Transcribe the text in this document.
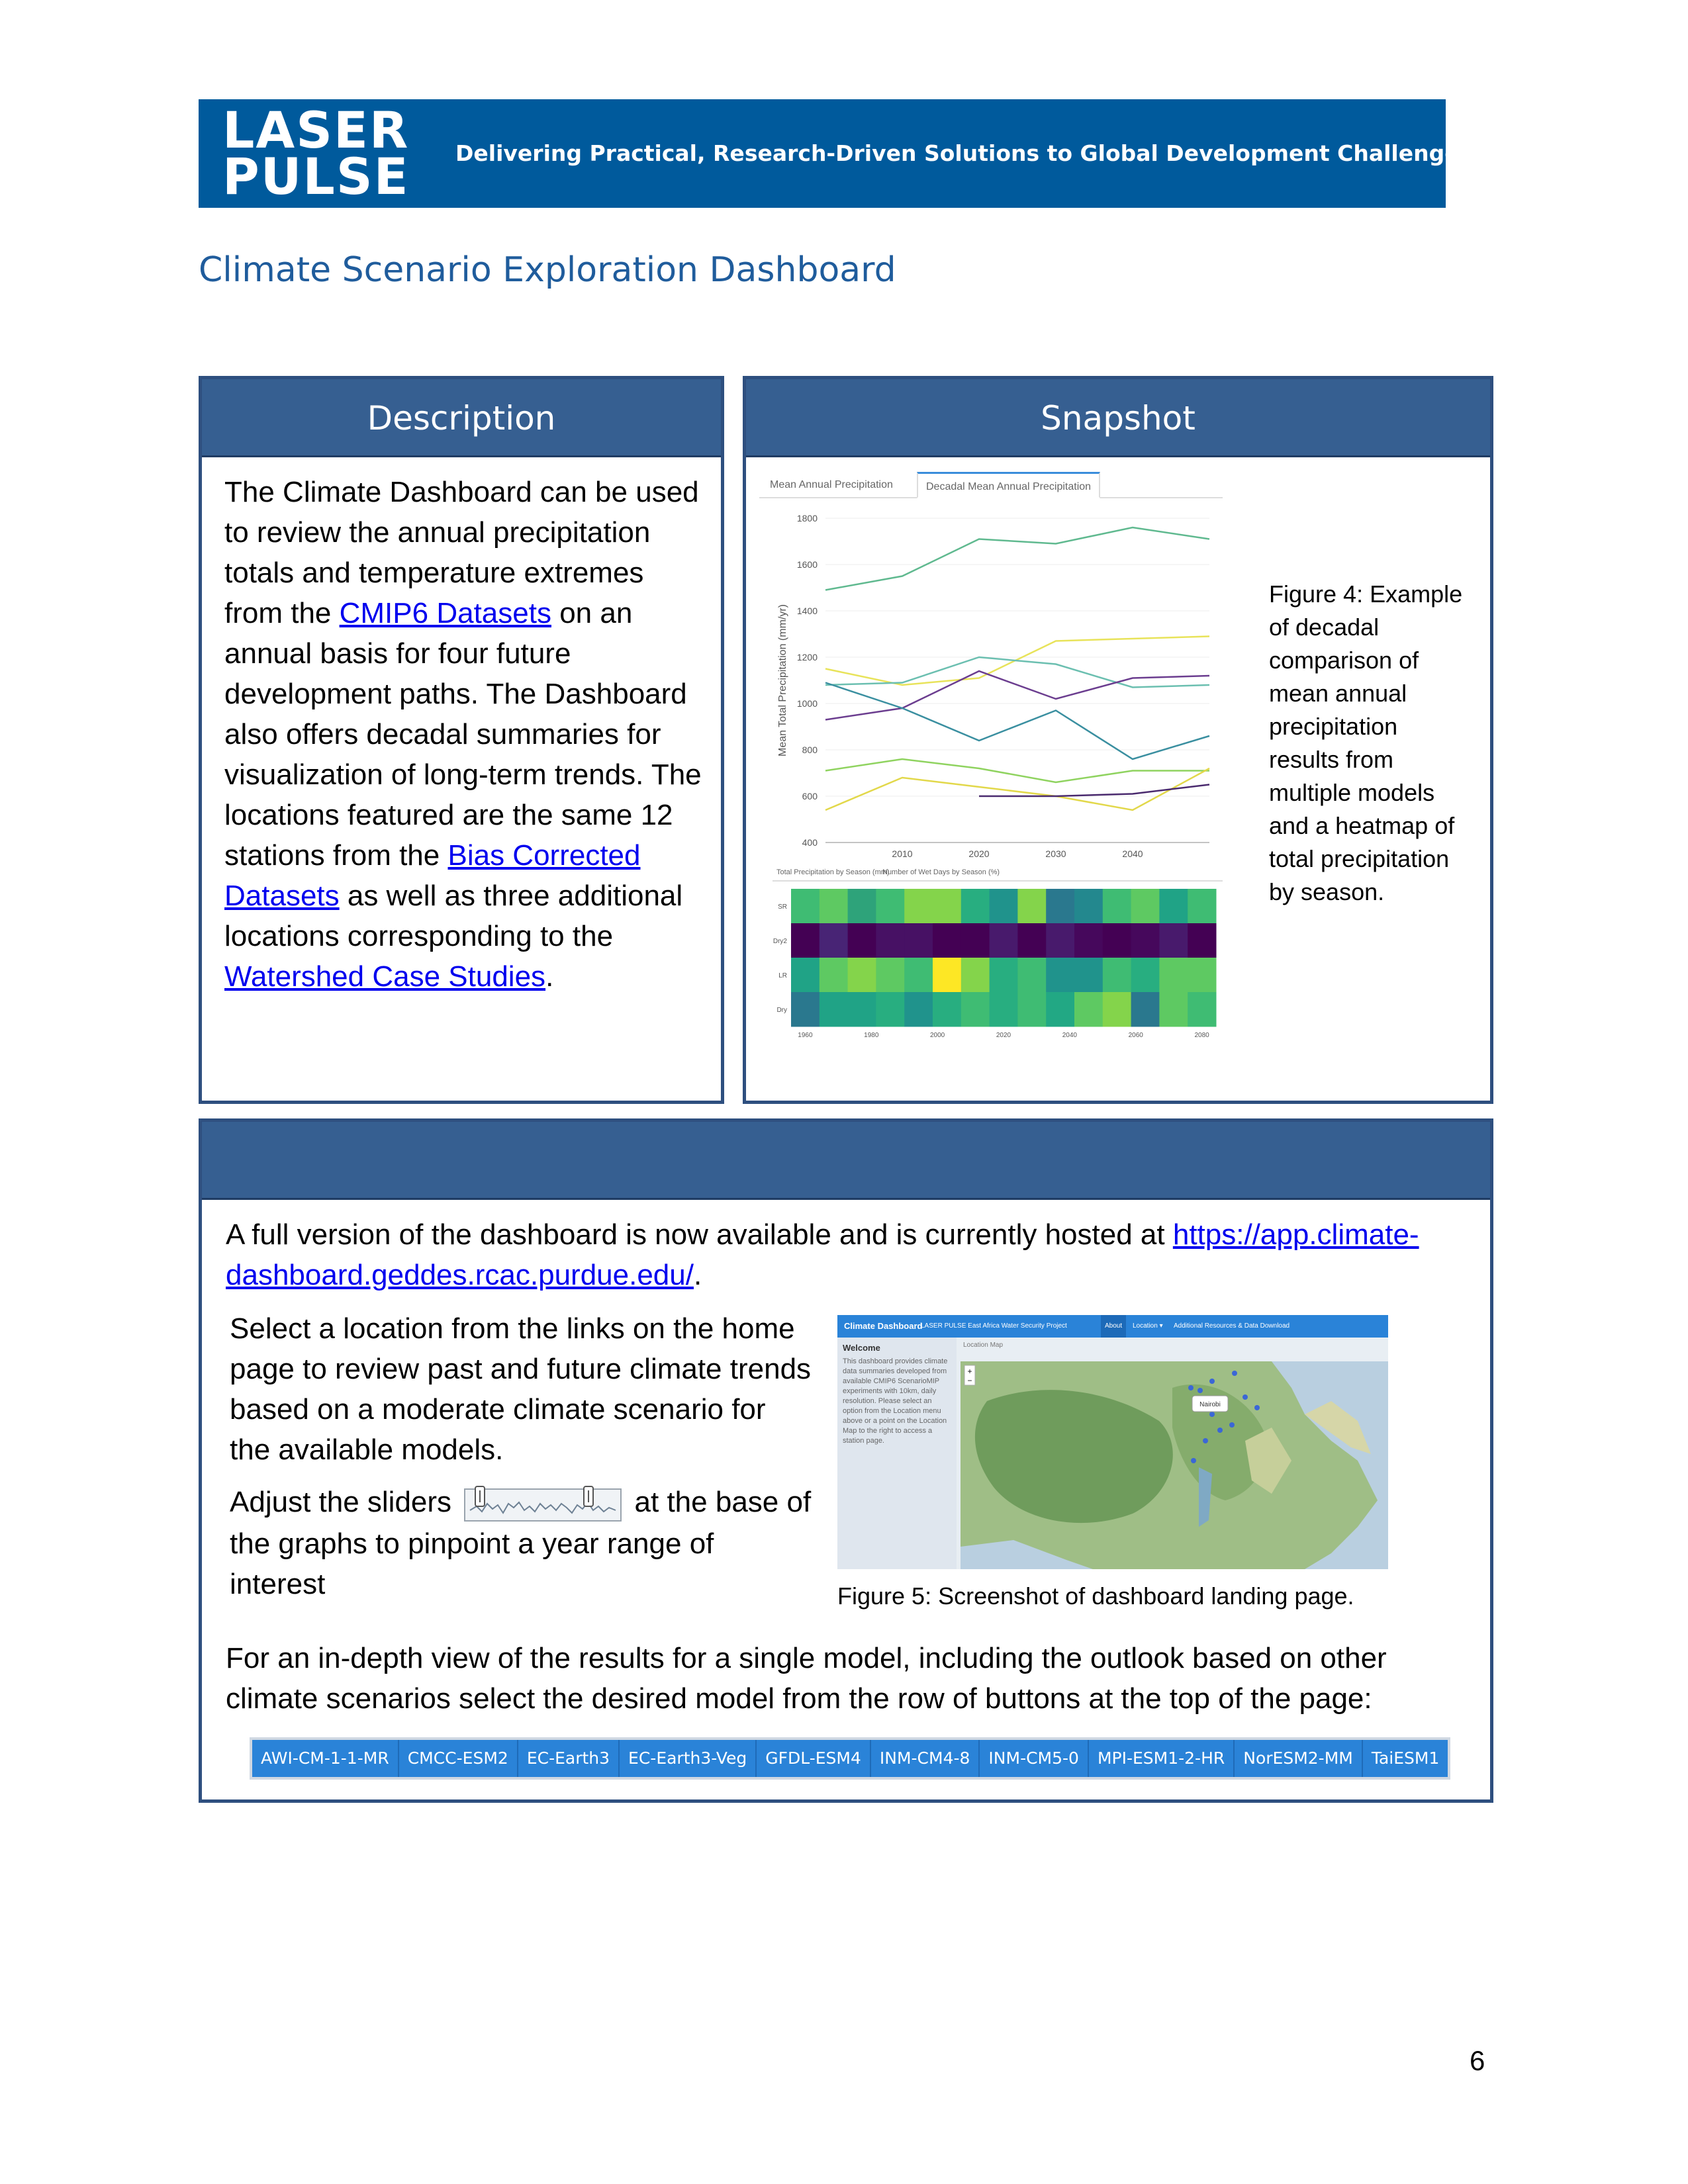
LASER
PULSE Delivering Practical, Research-Driven Solutions to Global Development Challenges
Climate Scenario Exploration Dashboard
Description
The Climate Dashboard can be used to review the annual precipitation totals and temperature extremes from the CMIP6 Datasets on an annual basis for four future development paths. The Dashboard also offers decadal summaries for visualization of long-term trends. The locations featured are the same 12 stations from the Bias Corrected Datasets as well as three additional locations corresponding to the Watershed Case Studies.
Snapshot
Mean Annual Precipitation	Decadal Mean Annual Precipitation
400
600
800
1000
1200
1400
1600
1800
2010	2020	2030	2040
Mean Total Precipitation (mm/yr)
Total Precipitation by Season (mm)
Number of Wet Days by Season (%)
SR
Dry2
LR
Dry
1960	1980	2000	2020	2040	2060	2080
Figure 4: Example of decadal comparison of mean annual precipitation results from multiple models and a heatmap of total precipitation by season.
A full version of the dashboard is now available and is currently hosted at https://app.climate-dashboard.geddes.rcac.purdue.edu/.

Select a location from the links on the home page to review past and future climate trends based on a moderate climate scenario for the available models.

Adjust the sliders	at the base of the graphs to pinpoint a year range of interest

Climate Dashboard
LASER PULSE East Africa Water Security Project	About	Location ▾ Additional Resources & Data Download
Welcome
This dashboard provides climate data summaries developed from available CMIP6 ScenarioMIP experiments with 10km, daily resolution. Please select an option from the Location menu above or a point on the Location Map to the right to access a station page.
Location Map
Nairobi
+
−
Figure 5: Screenshot of dashboard landing page.
For an in-depth view of the results for a single model, including the outlook based on other climate scenarios select the desired model from the row of buttons at the top of the page:
AWI-CM-1-1-MR	CMCC-ESM2	EC-Earth3	EC-Earth3-Veg	GFDL-ESM4	INM-CM4-8	INM-CM5-0	MPI-ESM1-2-HR	NorESM2-MM	TaiESM1
6
